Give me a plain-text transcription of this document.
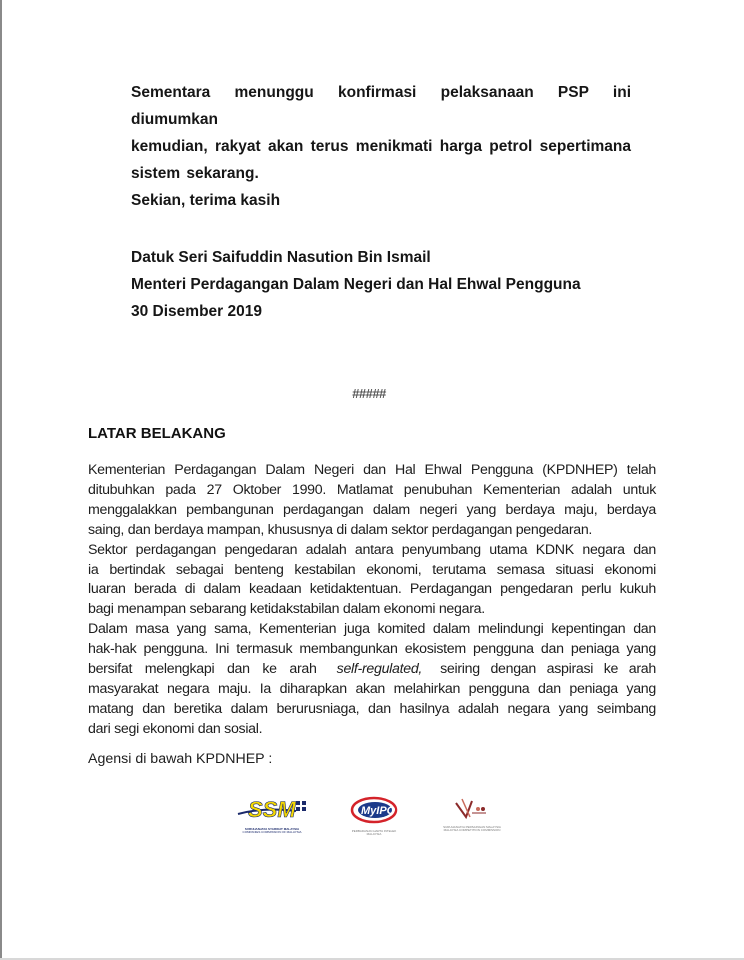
Sementara menunggu konfirmasi pelaksanaan PSP ini diumumkan
kemudian, rakyat akan terus menikmati harga petrol sepertimana
sistem sekarang.
Sekian, terima kasih
Datuk Seri Saifuddin Nasution Bin Ismail
Menteri Perdagangan Dalam Negeri dan Hal Ehwal Pengguna
30 Disember 2019
#####
LATAR BELAKANG
Kementerian Perdagangan Dalam Negeri dan Hal Ehwal Pengguna (KPDNHEP) telah
ditubuhkan pada 27 Oktober 1990. Matlamat penubuhan Kementerian adalah untuk
menggalakkan pembangunan perdagangan dalam negeri yang berdaya maju, berdaya
saing, dan berdaya mampan, khususnya di dalam sektor perdagangan pengedaran.
Sektor perdagangan pengedaran adalah antara penyumbang utama KDNK negara dan
ia bertindak sebagai benteng kestabilan ekonomi, terutama semasa situasi ekonomi
luaran berada di dalam keadaan ketidaktentuan. Perdagangan pengedaran perlu kukuh
bagi menampan sebarang ketidakstabilan dalam ekonomi negara.
Dalam masa yang sama, Kementerian juga komited dalam melindungi kepentingan dan
hak-hak pengguna. Ini termasuk membangunkan ekosistem pengguna dan peniaga yang
bersifat melengkapi dan ke arah self-regulated, seiring dengan aspirasi ke arah
masyarakat negara maju. Ia diharapkan akan melahirkan pengguna dan peniaga yang
matang dan beretika dalam berurusniaga, dan hasilnya adalah negara yang seimbang
dari segi ekonomi dan sosial.
Agensi di bawah KPDNHEP :
SSM
SURUHANJAYA SYARIKAT MALAYSIA
COMPANIES COMMISSION OF MALAYSIA
MyIPO
PERBADANAN HARTA INTELEK MALAYSIA
SURUHANJAYA PERSAINGAN MALAYSIA
MALAYSIA COMPETITION COMMISSION
